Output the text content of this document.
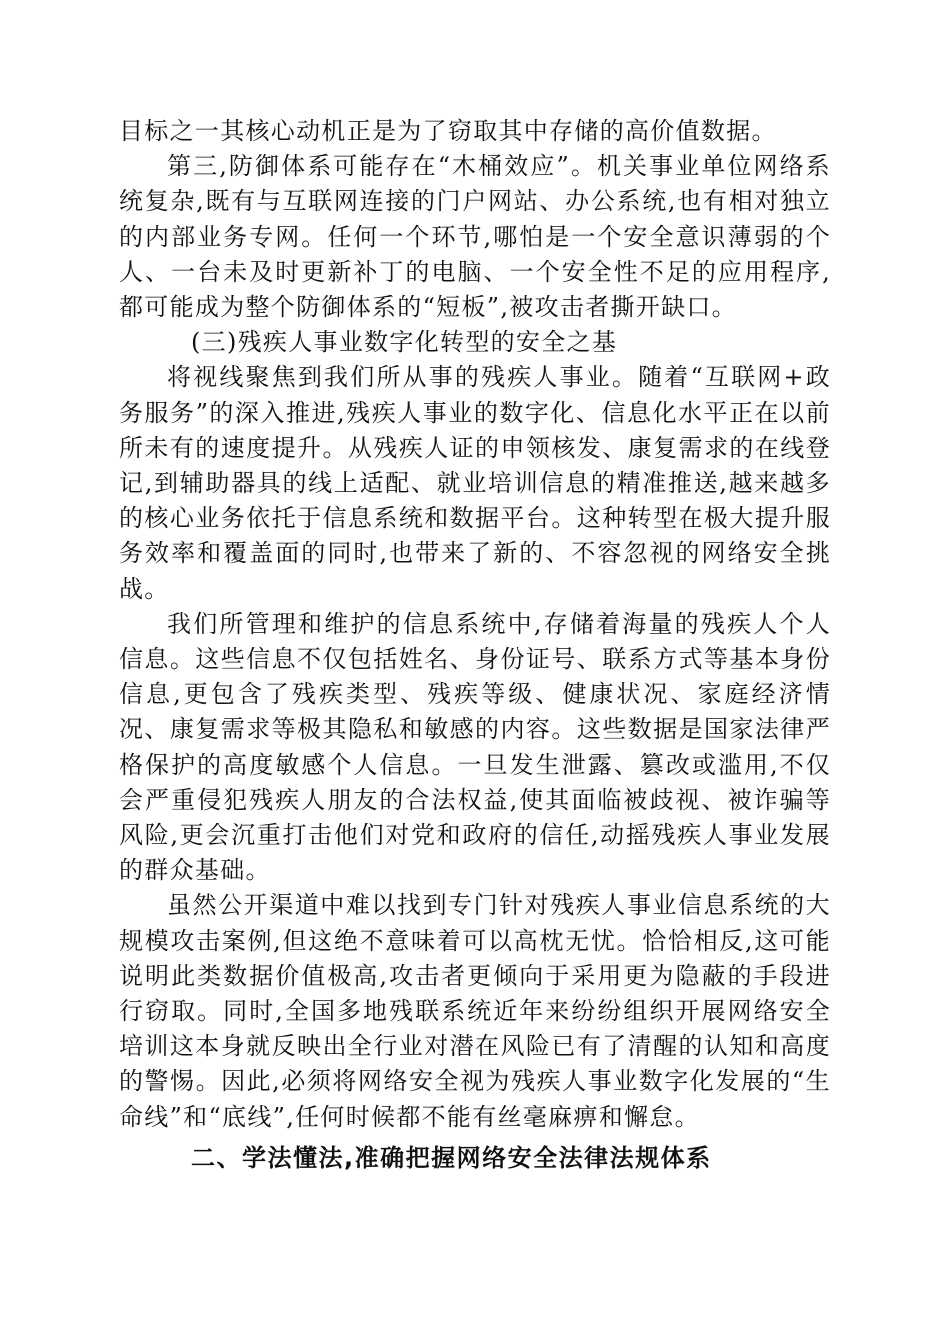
目标之一其核心动机正是为了窃取其中存储的高价值数据。

第三,防御体系可能存在“木桶效应”。机关事业单位网络系统复杂,既有与互联网连接的门户网站、办公系统,也有相对独立的内部业务专网。任何一个环节,哪怕是一个安全意识薄弱的个人、一台未及时更新补丁的电脑、一个安全性不足的应用程序,都可能成为整个防御体系的“短板”,被攻击者撕开缺口。

(三)残疾人事业数字化转型的安全之基

将视线聚焦到我们所从事的残疾人事业。随着“互联网+政务服务”的深入推进,残疾人事业的数字化、信息化水平正在以前所未有的速度提升。从残疾人证的申领核发、康复需求的在线登记,到辅助器具的线上适配、就业培训信息的精准推送,越来越多的核心业务依托于信息系统和数据平台。这种转型在极大提升服务效率和覆盖面的同时,也带来了新的、不容忽视的网络安全挑战。

我们所管理和维护的信息系统中,存储着海量的残疾人个人信息。这些信息不仅包括姓名、身份证号、联系方式等基本身份信息,更包含了残疾类型、残疾等级、健康状况、家庭经济情况、康复需求等极其隐私和敏感的内容。这些数据是国家法律严格保护的高度敏感个人信息。一旦发生泄露、篡改或滥用,不仅会严重侵犯残疾人朋友的合法权益,使其面临被歧视、被诈骗等风险,更会沉重打击他们对党和政府的信任,动摇残疾人事业发展的群众基础。

虽然公开渠道中难以找到专门针对残疾人事业信息系统的大规模攻击案例,但这绝不意味着可以高枕无忧。恰恰相反,这可能说明此类数据价值极高,攻击者更倾向于采用更为隐蔽的手段进行窃取。同时,全国多地残联系统近年来纷纷组织开展网络安全培训这本身就反映出全行业对潜在风险已有了清醒的认知和高度的警惕。因此,必须将网络安全视为残疾人事业数字化发展的“生命线”和“底线”,任何时候都不能有丝毫麻痹和懈怠。

二、学法懂法,准确把握网络安全法律法规体系
